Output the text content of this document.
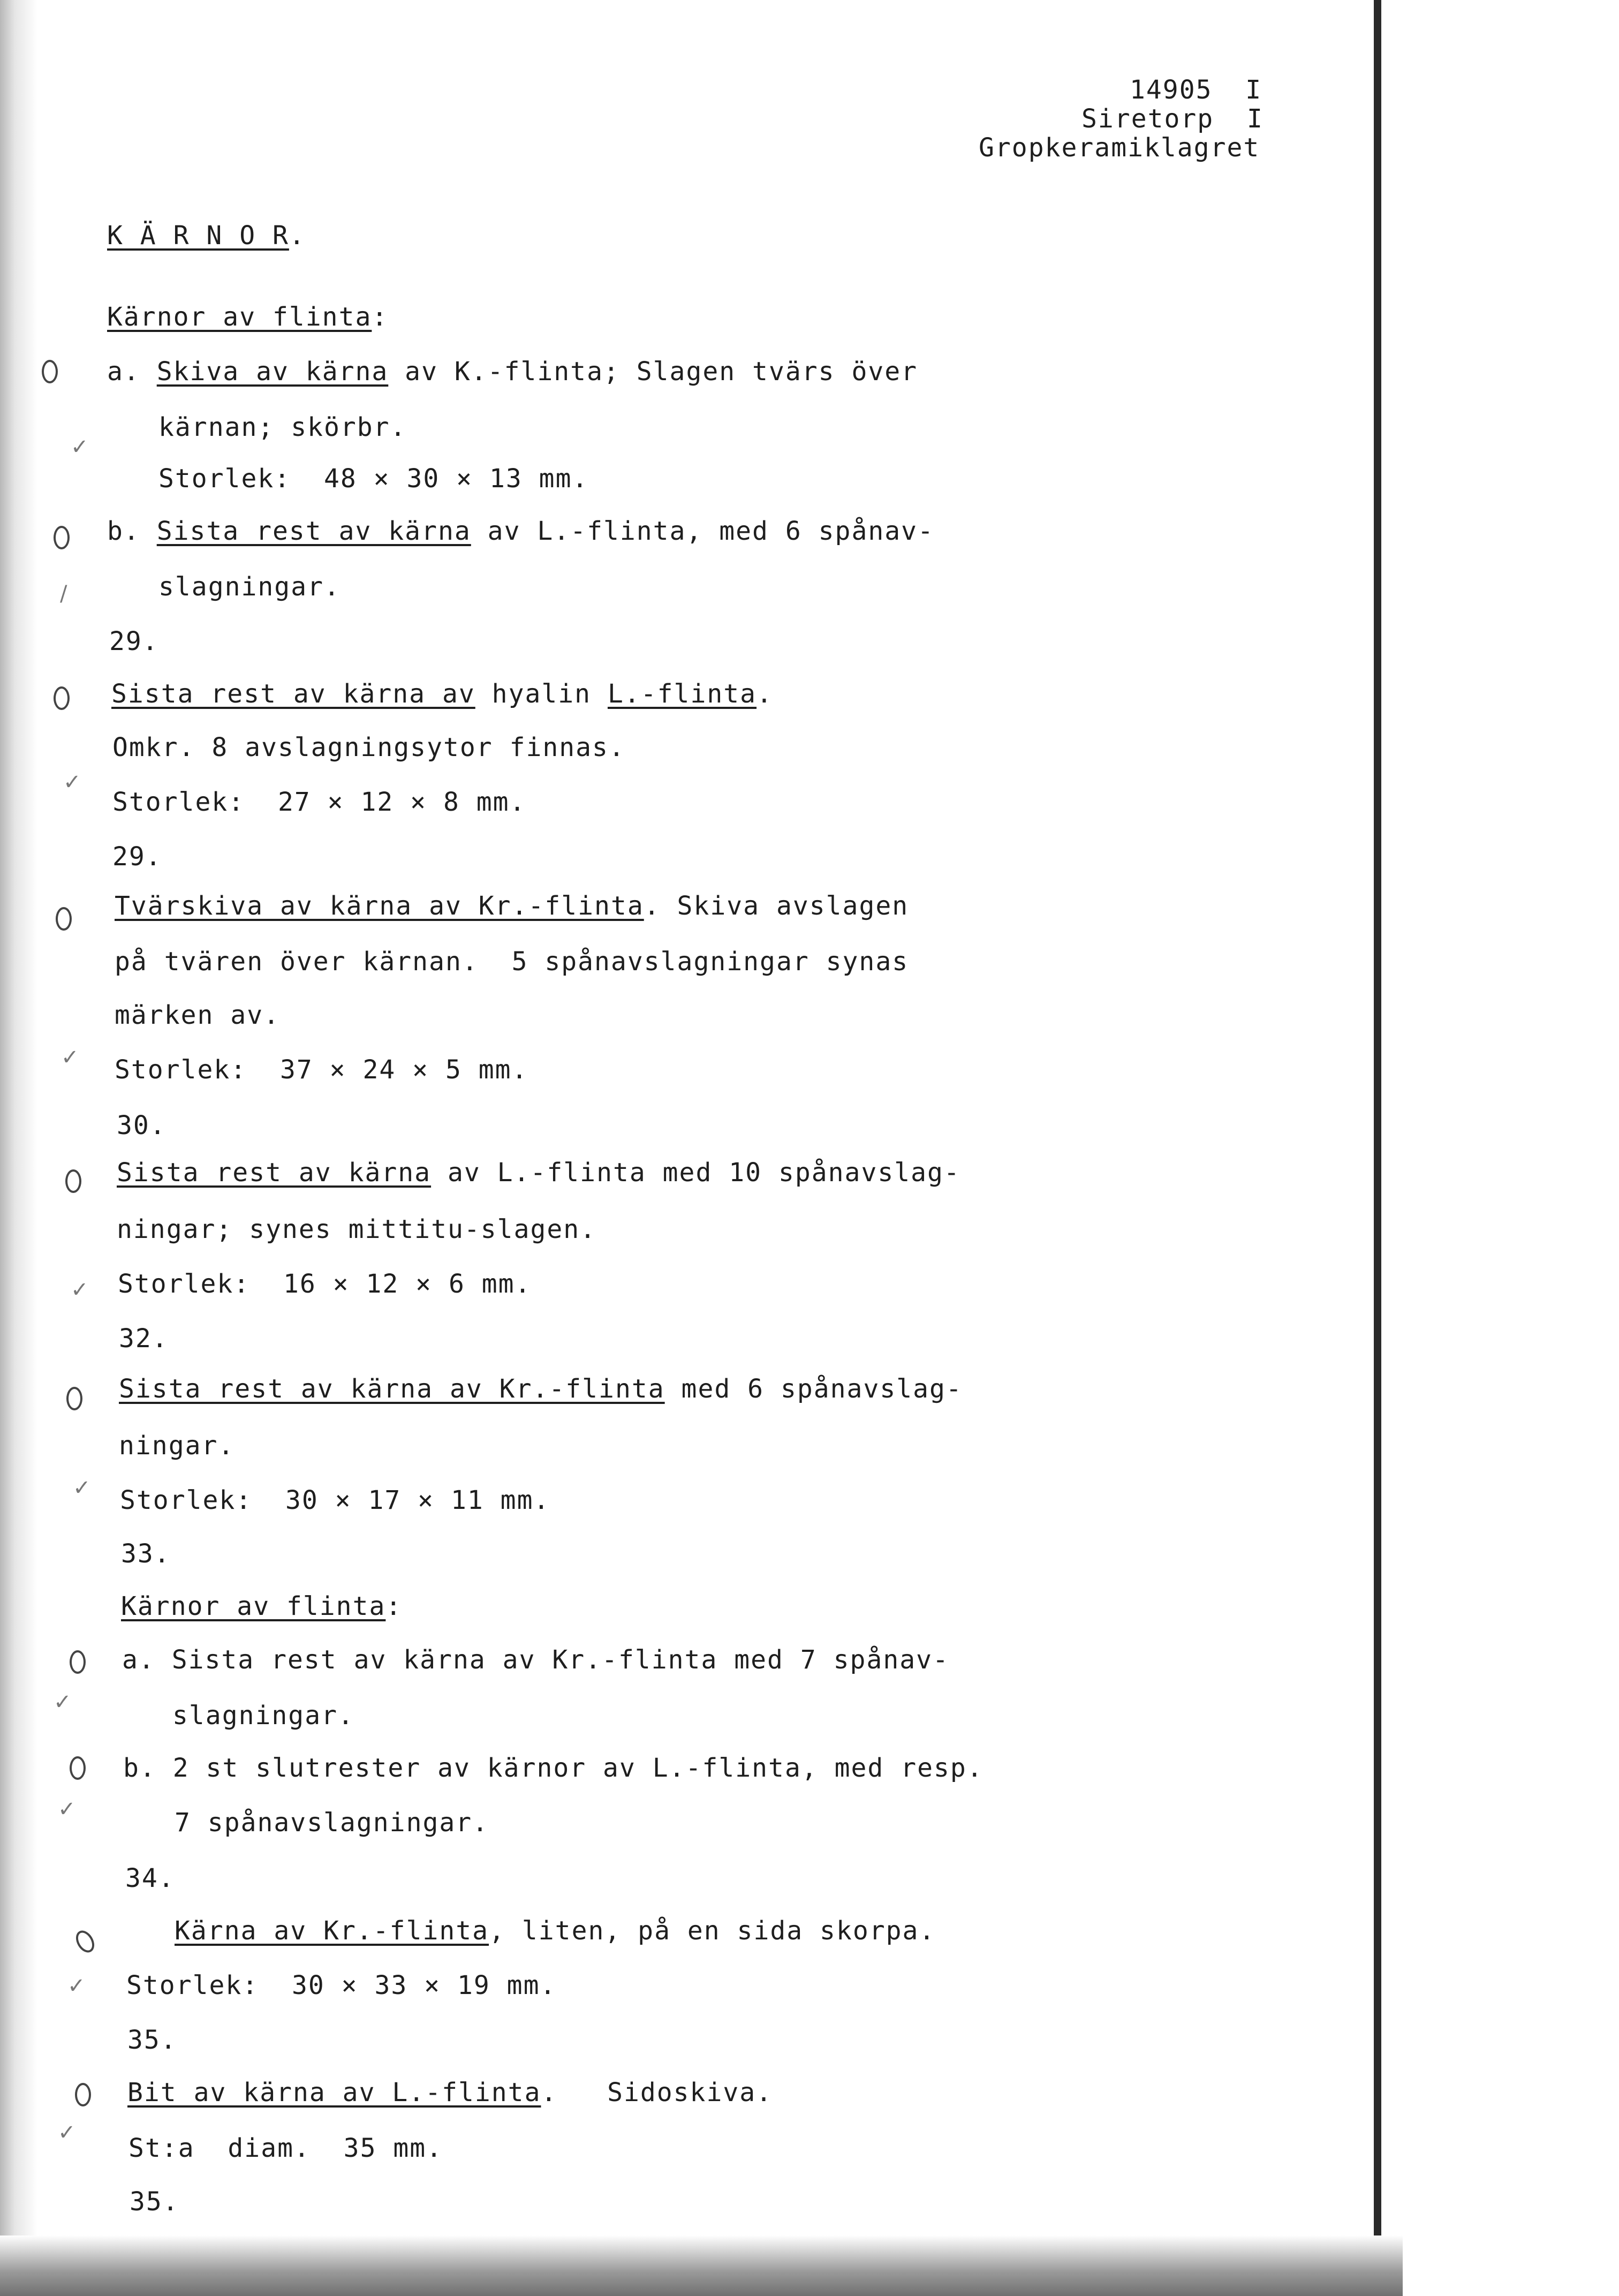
14905  I
Siretorp  I
Gropkeramiklagret
K Ä R N O R.
Kärnor av flinta:
a. Skiva av kärna av K.-flinta; Slagen tvärs över
kärnan; skörbr.
✓
Storlek:  48 × 30 × 13 mm.
b. Sista rest av kärna av L.-flinta, med 6 spånav-
/	slagningar.
29.
Sista rest av kärna av hyalin L.-flinta.
Omkr. 8 avslagningsytor finnas.
✓
Storlek:  27 × 12 × 8 mm.
29.
Tvärskiva av kärna av Kr.-flinta. Skiva avslagen
på tvären över kärnan.  5 spånavslagningar synas
märken av.
✓ Storlek:  37 × 24 × 5 mm.
30.
Sista rest av kärna av L.-flinta med 10 spånavslag-
ningar; synes mittitu-slagen.
✓ Storlek:  16 × 12 × 6 mm.
32.
Sista rest av kärna av Kr.-flinta med 6 spånavslag-
ningar.
✓ Storlek:  30 × 17 × 11 mm.
33.
Kärnor av flinta:
a. Sista rest av kärna av Kr.-flinta med 7 spånav-
✓	slagningar.
b. 2 st slutrester av kärnor av L.-flinta, med resp.
✓	7 spånavslagningar.
34.
Kärna av Kr.-flinta, liten, på en sida skorpa.
✓ Storlek:  30 × 33 × 19 mm.
35.
Bit av kärna av L.-flinta.   Sidoskiva.
✓
St:a  diam.  35 mm.
35.
